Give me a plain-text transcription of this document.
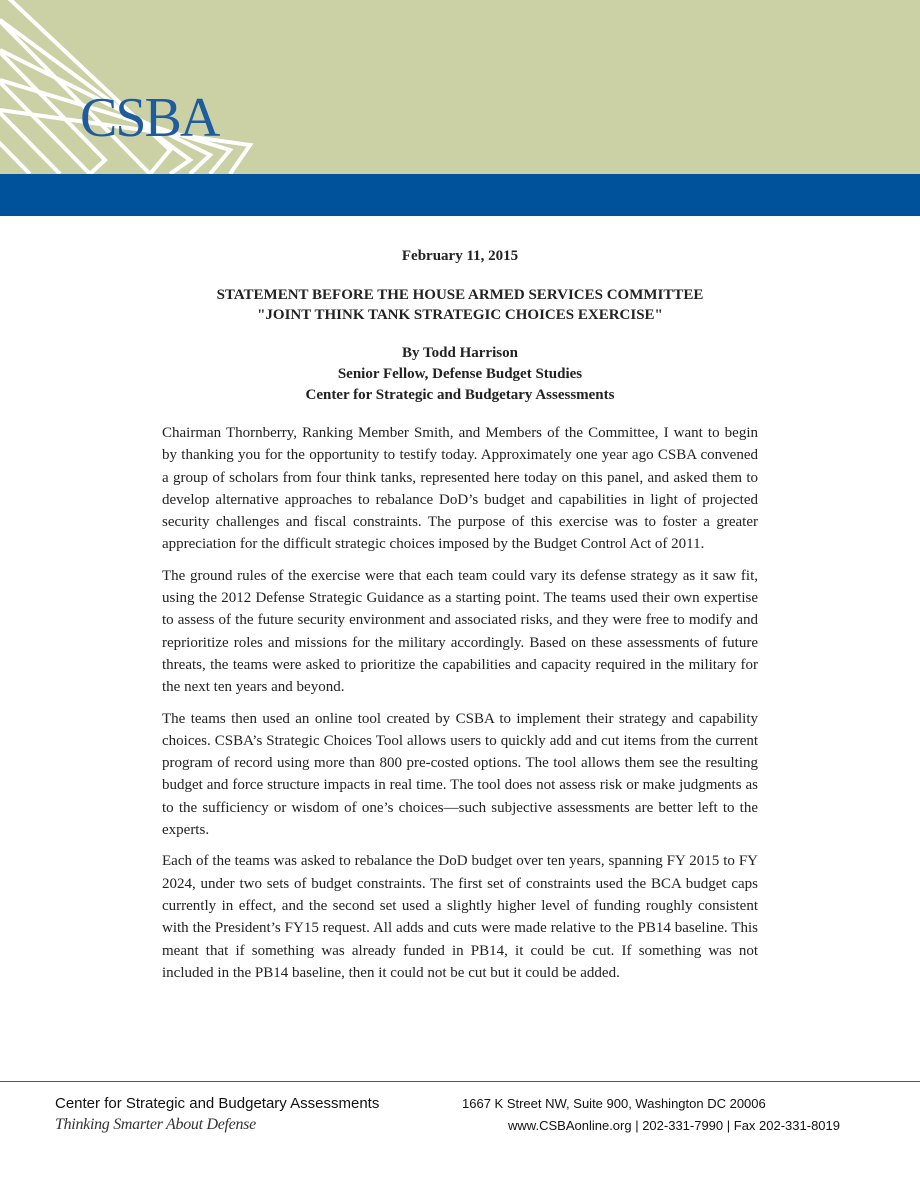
CSBA

February 11, 2015

STATEMENT BEFORE THE HOUSE ARMED SERVICES COMMITTEE
"JOINT THINK TANK STRATEGIC CHOICES EXERCISE"
By Todd Harrison
Senior Fellow, Defense Budget Studies
Center for Strategic and Budgetary Assessments

Chairman Thornberry, Ranking Member Smith, and Members of the Committee, I want to begin by thanking you for the opportunity to testify today. Approximately one year ago CSBA convened a group of scholars from four think tanks, represented here today on this panel, and asked them to develop alternative approaches to rebalance DoD’s budget and capabilities in light of projected security challenges and fiscal constraints. The purpose of this exercise was to foster a greater appreciation for the difficult strategic choices imposed by the Budget Control Act of 2011.

The ground rules of the exercise were that each team could vary its defense strategy as it saw fit, using the 2012 Defense Strategic Guidance as a starting point. The teams used their own expertise to assess of the future security environment and associated risks, and they were free to modify and reprioritize roles and missions for the military accordingly. Based on these assessments of future threats, the teams were asked to prioritize the capabilities and capacity required in the military for the next ten years and beyond.

The teams then used an online tool created by CSBA to implement their strategy and capability choices. CSBA’s Strategic Choices Tool allows users to quickly add and cut items from the current program of record using more than 800 pre-costed options. The tool allows them see the resulting budget and force structure impacts in real time. The tool does not assess risk or make judgments as to the sufficiency or wisdom of one’s choices—such subjective assessments are better left to the experts.

Each of the teams was asked to rebalance the DoD budget over ten years, spanning FY 2015 to FY 2024, under two sets of budget constraints. The first set of constraints used the BCA budget caps currently in effect, and the second set used a slightly higher level of funding roughly consistent with the President’s FY15 request. All adds and cuts were made relative to the PB14 baseline. This meant that if something was already funded in PB14, it could be cut. If something was not included in the PB14 baseline, then it could not be cut but it could be added.

Center for Strategic and Budgetary Assessments
Thinking Smarter About Defense
1667 K Street NW, Suite 900, Washington DC 20006
www.CSBAonline.org | 202-331-7990 | Fax 202-331-8019
